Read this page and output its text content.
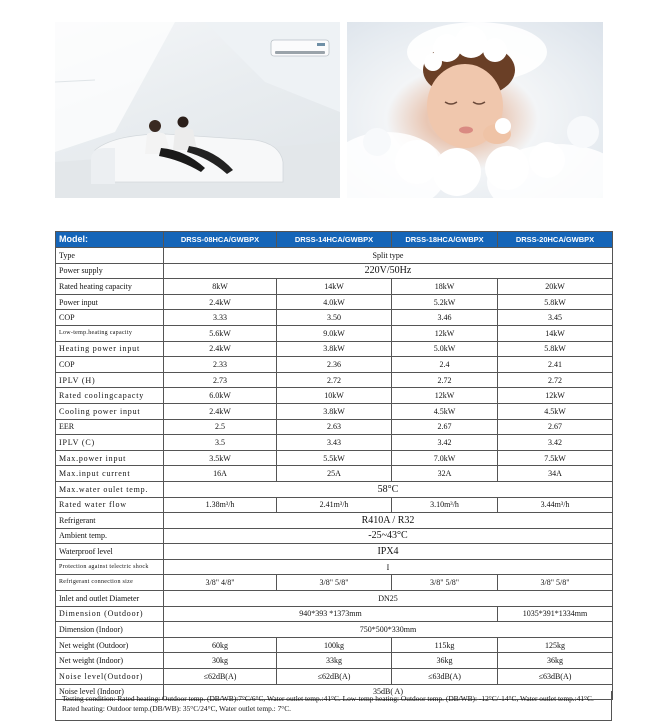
Model:	DRSS-08HCA/GWBPX	DRSS-14HCA/GWBPX	DRSS-18HCA/GWBPX	DRSS-20HCA/GWBPX
Type	Split type			
Power supply	220V/50Hz			
Rated heating capacity	8kW	14kW	18kW	20kW
Power input	2.4kW	4.0kW	5.2kW	5.8kW
COP	3.33	3.50	3.46	3.45
Low-temp.heating capacity	5.6kW	9.0kW	12kW	14kW
Heating power input	2.4kW	3.8kW	5.0kW	5.8kW
COP	2.33	2.36	2.4	2.41
IPLV (H)	2.73	2.72	2.72	2.72
Rated coolingcapacty	6.0kW	10kW	12kW	12kW
Cooling power input	2.4kW	3.8kW	4.5kW	4.5kW
EER	2.5	2.63	2.67	2.67
IPLV (C)	3.5	3.43	3.42	3.42
Max.power input	3.5kW	5.5kW	7.0kW	7.5kW
Max.input current	16A	25A	32A	34A
Max.water oulet temp.	58°C			
Rated water flow	1.38m³/h	2.41m³/h	3.10m³/h	3.44m³/h
Refrigerant	R410A / R32			
Ambient temp.	-25~43°C			
Waterproof level	IPX4			
Protection against telectric shock	I			
Refrigerant connection size	3/8" 4/8"	3/8" 5/8"	3/8" 5/8"	3/8" 5/8"
Inlet and outlet Diameter	DN25			
Dimension (Outdoor)	940*393 *1373mm			1035*391*1334mm
Dimension (Indoor)	750*500*330mm			
Net weight (Outdoor)	60kg	100kg	115kg	125kg
Net weight (Indoor)	30kg	33kg	36kg	36kg
Noise level(Outdoor)	≤62dB(A)	≤62dB(A)	≤63dB(A)	≤63dB(A)
Noise level (Indoor)	35dB( A)			
Testing condition: Rated heating: Outdoor temp. (DB/WB):7°C/6°C, Water outlet temp.:41°C. Low-temp heating: Outdoor temp. (DB/WB): -12°C/-14°C, Water outlet temp.:41°C. Rated heating: Outdoor temp.(DB/WB): 35°C/24°C, Water outlet temp.: 7°C.
